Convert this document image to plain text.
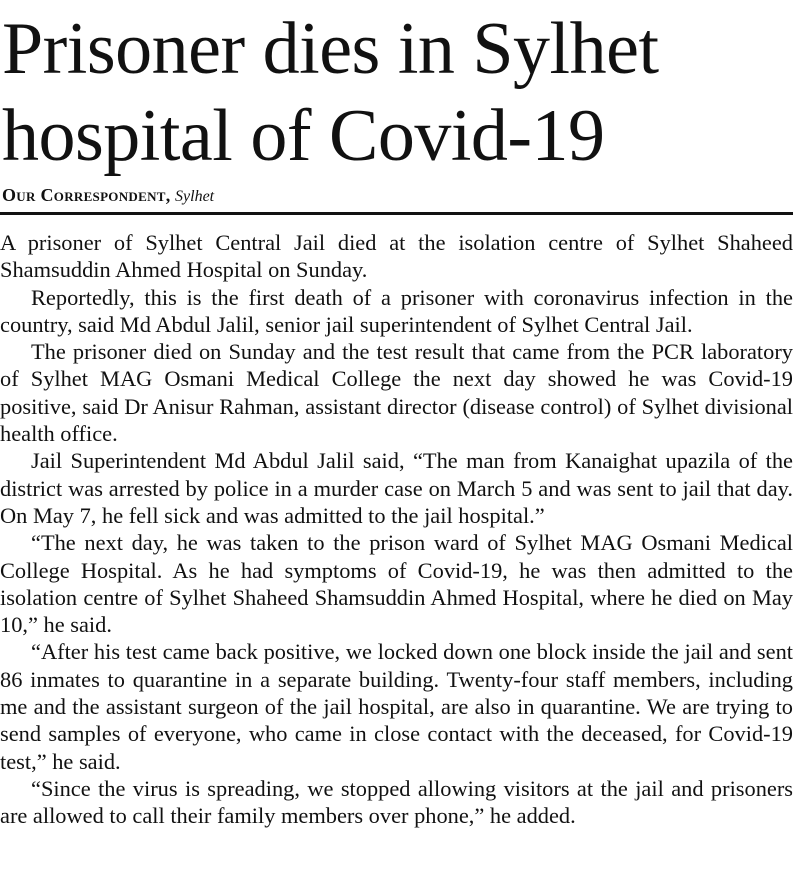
Prisoner dies in Sylhet
hospital of Covid-19
Our Correspondent, Sylhet

A prisoner of Sylhet Central Jail died at the isolation centre of Sylhet Shaheed Shamsuddin Ahmed Hospital on Sunday.

Reportedly, this is the first death of a prisoner with coronavirus infection in the country, said Md Abdul Jalil, senior jail superintendent of Sylhet Central Jail.

The prisoner died on Sunday and the test result that came from the PCR laboratory of Sylhet MAG Osmani Medical College the next day showed he was Covid-19 positive, said Dr Anisur Rahman, assistant director (disease control) of Sylhet divisional health office.

Jail Superintendent Md Abdul Jalil said, “The man from Kanaighat upazila of the district was arrested by police in a murder case on March 5 and was sent to jail that day. On May 7, he fell sick and was admitted to the jail hospital.”

“The next day, he was taken to the prison ward of Sylhet MAG Osmani Medical College Hospital. As he had symptoms of Covid-19, he was then admitted to the isolation centre of Sylhet Shaheed Shamsuddin Ahmed Hospital, where he died on May 10,” he said.

“After his test came back positive, we locked down one block inside the jail and sent 86 inmates to quarantine in a separate building. Twenty-four staff members, including me and the assistant surgeon of the jail hospital, are also in quarantine. We are trying to send samples of everyone, who came in close contact with the deceased, for Covid-19 test,” he said.

“Since the virus is spreading, we stopped allowing visitors at the jail and prisoners are allowed to call their family members over phone,” he added.
